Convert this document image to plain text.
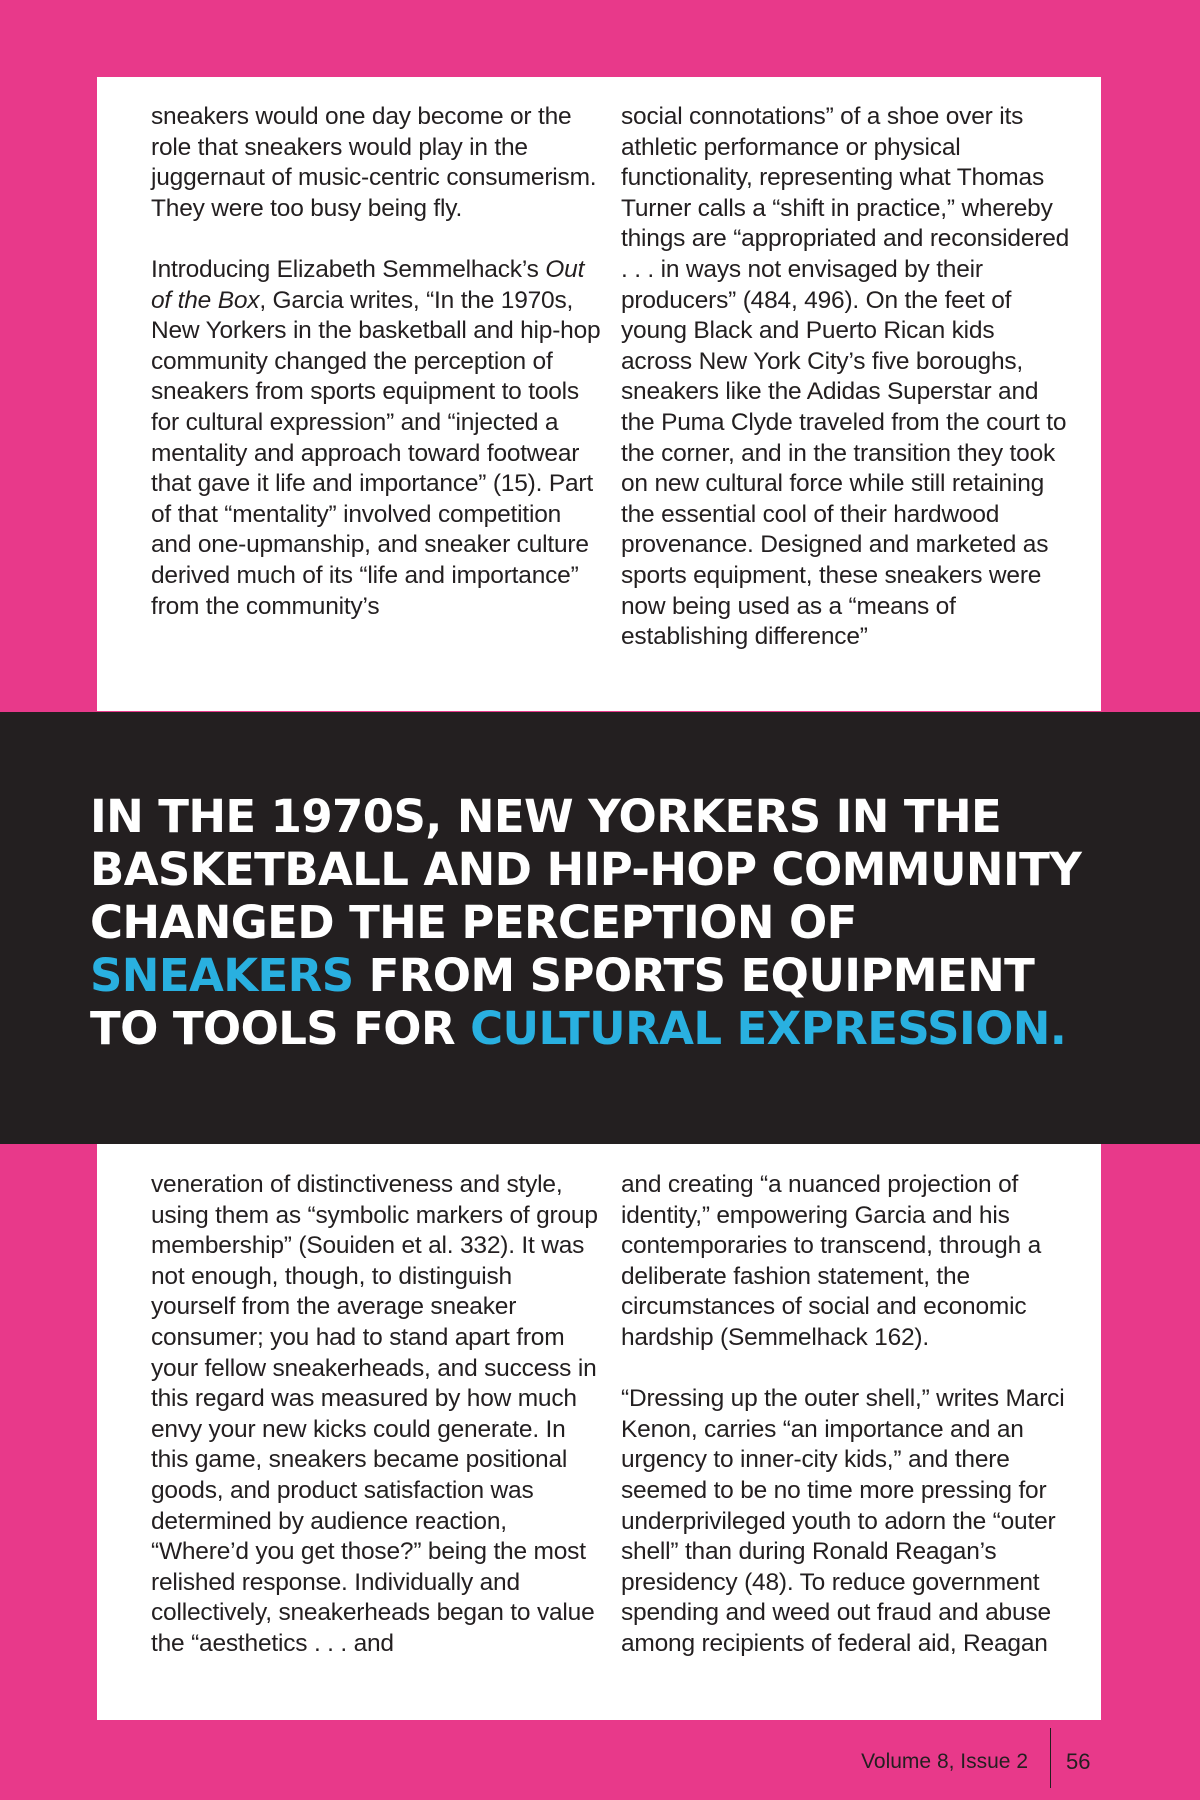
sneakers would one day become or the role that sneakers would play in the juggernaut of music-centric consumerism. They were too busy being fly.

Introducing Elizabeth Semmelhack’s Out of the Box, Garcia writes, “In the 1970s, New Yorkers in the basketball and hip-hop community changed the perception of sneakers from sports equipment to tools for cultural expression” and “injected a mentality and approach toward footwear that gave it life and importance” (15). Part of that “mentality” involved competition and one-upmanship, and sneaker culture derived much of its “life and importance” from the community’s

social connotations” of a shoe over its athletic performance or physical functionality, representing what Thomas Turner calls a “shift in practice,” whereby things are “appropriated and reconsidered . . . in ways not envisaged by their producers” (484, 496). On the feet of young Black and Puerto Rican kids across New York City’s five boroughs, sneakers like the Adidas Superstar and the Puma Clyde traveled from the court to the corner, and in the transition they took on new cultural force while still retaining the essential cool of their hardwood provenance. Designed and marketed as sports equipment, these sneakers were now being used as a “means of establishing difference”

IN THE 1970S, NEW YORKERS IN THE BASKETBALL AND HIP-HOP COMMUNITY CHANGED THE PERCEPTION OF SNEAKERS FROM SPORTS EQUIPMENT TO TOOLS FOR CULTURAL EXPRESSION.

veneration of distinctiveness and style, using them as “symbolic markers of group membership” (Souiden et al. 332). It was not enough, though, to distinguish yourself from the average sneaker consumer; you had to stand apart from your fellow sneakerheads, and success in this regard was measured by how much envy your new kicks could generate. In this game, sneakers became positional goods, and product satisfaction was determined by audience reaction, “Where’d you get those?” being the most relished response. Individually and collectively, sneakerheads began to value the “aesthetics . . . and

and creating “a nuanced projection of identity,” empowering Garcia and his contemporaries to transcend, through a deliberate fashion statement, the circumstances of social and economic hardship (Semmelhack 162).

“Dressing up the outer shell,” writes Marci Kenon, carries “an importance and an urgency to inner-city kids,” and there seemed to be no time more pressing for underprivileged youth to adorn the “outer shell” than during Ronald Reagan’s presidency (48). To reduce government spending and weed out fraud and abuse among recipients of federal aid, Reagan

Volume 8, Issue 2 56
